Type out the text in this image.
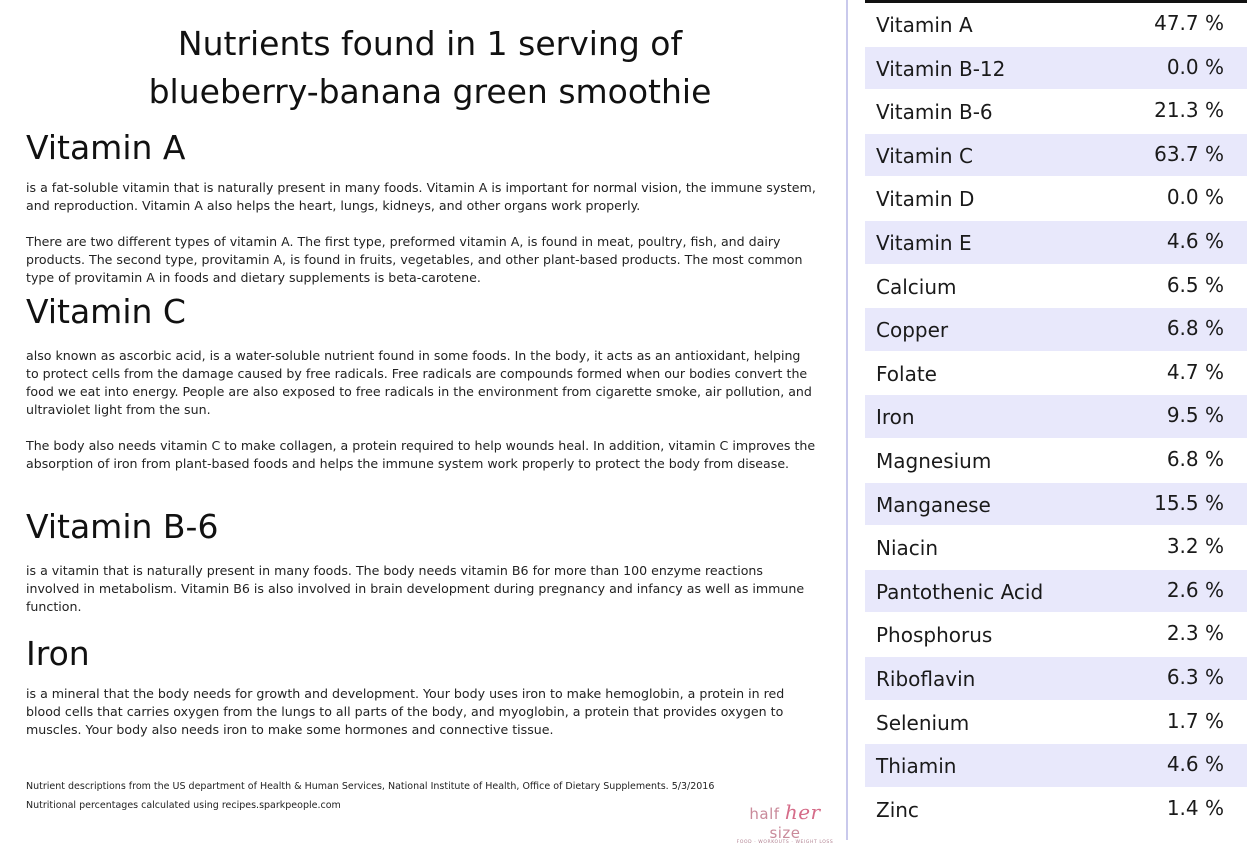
Nutrients found in 1 serving of
blueberry-banana green smoothie
Vitamin A
is a fat-soluble vitamin that is naturally present in many foods. Vitamin A is important for normal vision, the immune system, and reproduction. Vitamin A also helps the heart, lungs, kidneys, and other organs work properly.
There are two different types of vitamin A. The first type, preformed vitamin A, is found in meat, poultry, fish, and dairy products. The second type, provitamin A, is found in fruits, vegetables, and other plant-based products. The most common type of provitamin A in foods and dietary supplements is beta-carotene.
Vitamin C
also known as ascorbic acid, is a water-soluble nutrient found in some foods. In the body, it acts as an antioxidant, helping to protect cells from the damage caused by free radicals. Free radicals are compounds formed when our bodies convert the food we eat into energy. People are also exposed to free radicals in the environment from cigarette smoke, air pollution, and ultraviolet light from the sun.
The body also needs vitamin C to make collagen, a protein required to help wounds heal. In addition, vitamin C improves the absorption of iron from plant-based foods and helps the immune system work properly to protect the body from disease.
Vitamin B-6
is a vitamin that is naturally present in many foods. The body needs vitamin B6 for more than 100 enzyme reactions involved in metabolism. Vitamin B6 is also involved in brain development during pregnancy and infancy as well as immune function.
Iron
is a mineral that the body needs for growth and development. Your body uses iron to make hemoglobin, a protein in red blood cells that carries oxygen from the lungs to all parts of the body, and myoglobin, a protein that provides oxygen to muscles. Your body also needs iron to make some hormones and connective tissue.
Nutrient descriptions from the US department of Health & Human Services, National Institute of Health, Office of Dietary Supplements. 5/3/2016
Nutritional percentages calculated using recipes.sparkpeople.com	half her size
FOOD · WORKOUTS · WEIGHT LOSS
Vitamin A	47.7 %
Vitamin B-12	0.0 %
Vitamin B-6	21.3 %
Vitamin C	63.7 %
Vitamin D	0.0 %
Vitamin E	4.6 %
Calcium	6.5 %
Copper	6.8 %
Folate	4.7 %
Iron	9.5 %
Magnesium	6.8 %
Manganese	15.5 %
Niacin	3.2 %
Pantothenic Acid	2.6 %
Phosphorus	2.3 %
Riboflavin	6.3 %
Selenium	1.7 %
Thiamin	4.6 %
Zinc	1.4 %
